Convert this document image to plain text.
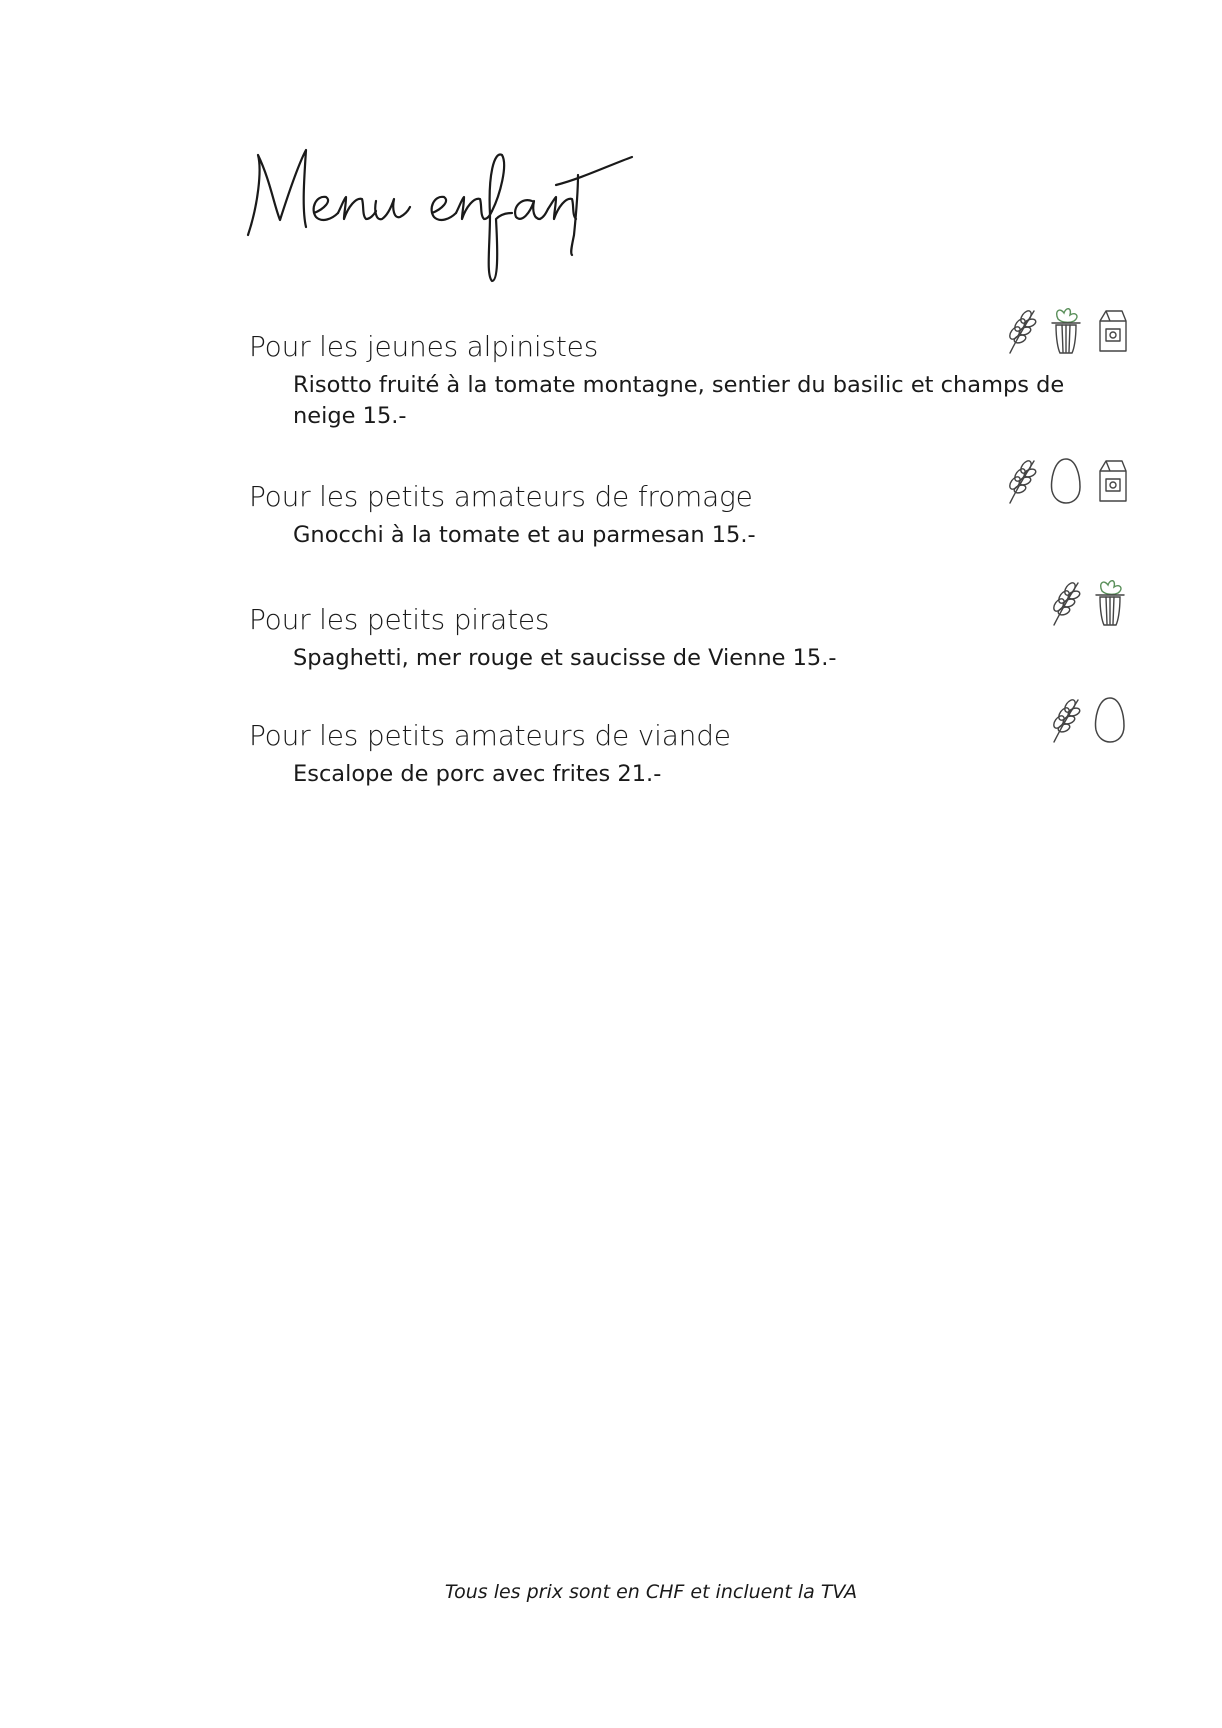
Pour les jeunes alpinistes
Risotto fruité à la tomate montagne, sentier du basilic et champs de neige 15.-
Pour les petits amateurs de fromage
Gnocchi à la tomate et au parmesan 15.-
Pour les petits pirates
Spaghetti, mer rouge et saucisse de Vienne 15.-
Pour les petits amateurs de viande
Escalope de porc avec frites 21.-
Tous les prix sont en CHF et incluent la TVA
